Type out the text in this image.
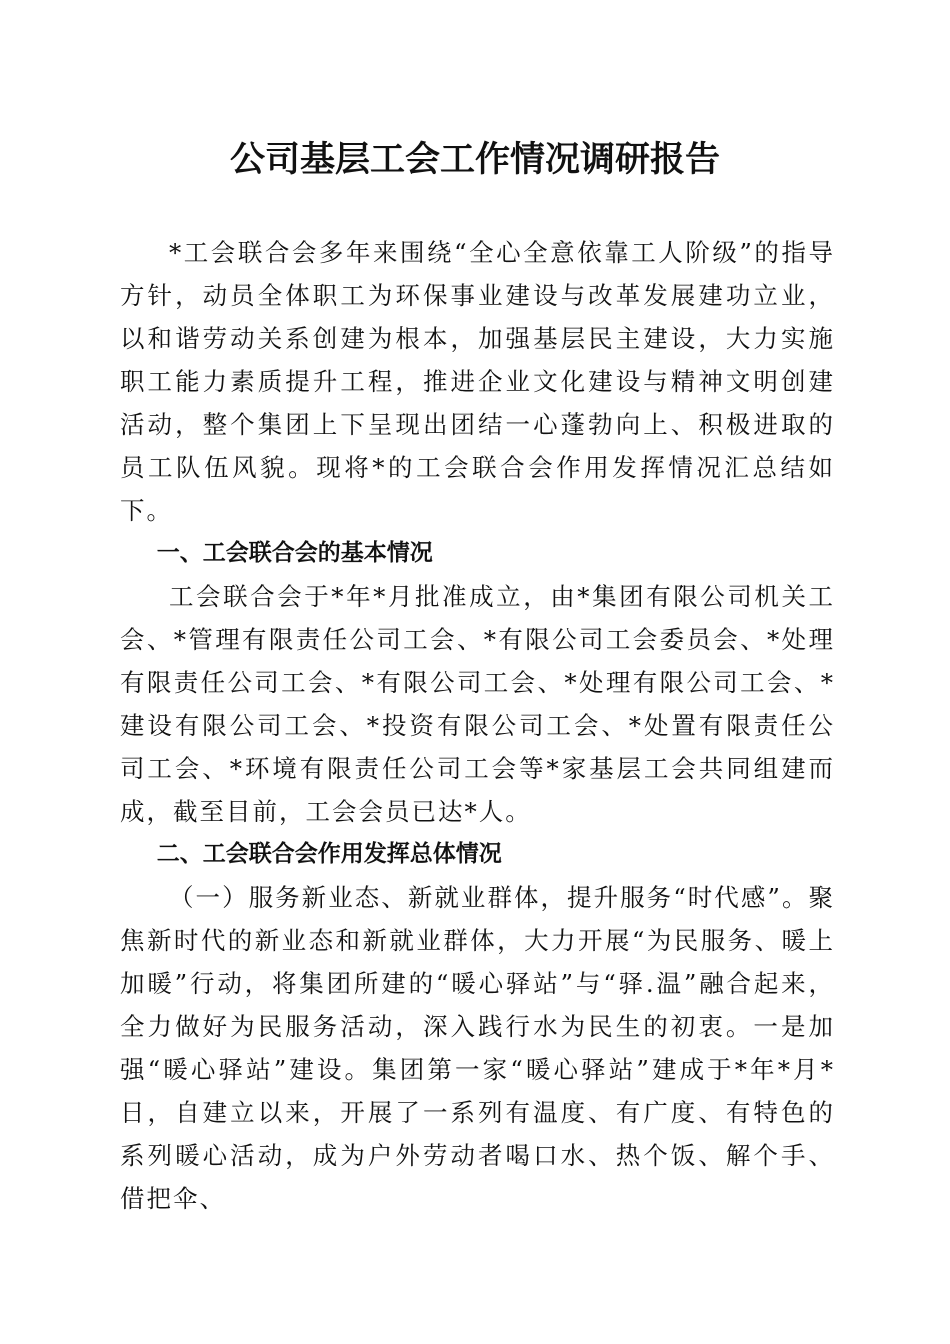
公司基层工会工作情况调研报告

*工会联合会多年来围绕“全心全意依靠工人阶级”的指导方针，动员全体职工为环保事业建设与改革发展建功立业，以和谐劳动关系创建为根本，加强基层民主建设，大力实施职工能力素质提升工程，推进企业文化建设与精神文明创建活动，整个集团上下呈现出团结一心蓬勃向上、积极进取的员工队伍风貌。现将*的工会联合会作用发挥情况汇总结如下。

一、工会联合会的基本情况

工会联合会于*年*月批准成立，由*集团有限公司机关工会、*管理有限责任公司工会、*有限公司工会委员会、*处理有限责任公司工会、*有限公司工会、*处理有限公司工会、*建设有限公司工会、*投资有限公司工会、*处置有限责任公司工会、*环境有限责任公司工会等*家基层工会共同组建而成，截至目前，工会会员已达*人。

二、工会联合会作用发挥总体情况

（一）服务新业态、新就业群体，提升服务“时代感”。聚焦新时代的新业态和新就业群体，大力开展“为民服务、暖上加暖”行动，将集团所建的“暖心驿站”与“驿.温”融合起来，全力做好为民服务活动，深入践行水为民生的初衷。一是加强“暖心驿站”建设。集团第一家“暖心驿站”建成于*年*月*日，自建立以来，开展了一系列有温度、有广度、有特色的系列暖心活动，成为户外劳动者喝口水、热个饭、解个手、借把伞、
